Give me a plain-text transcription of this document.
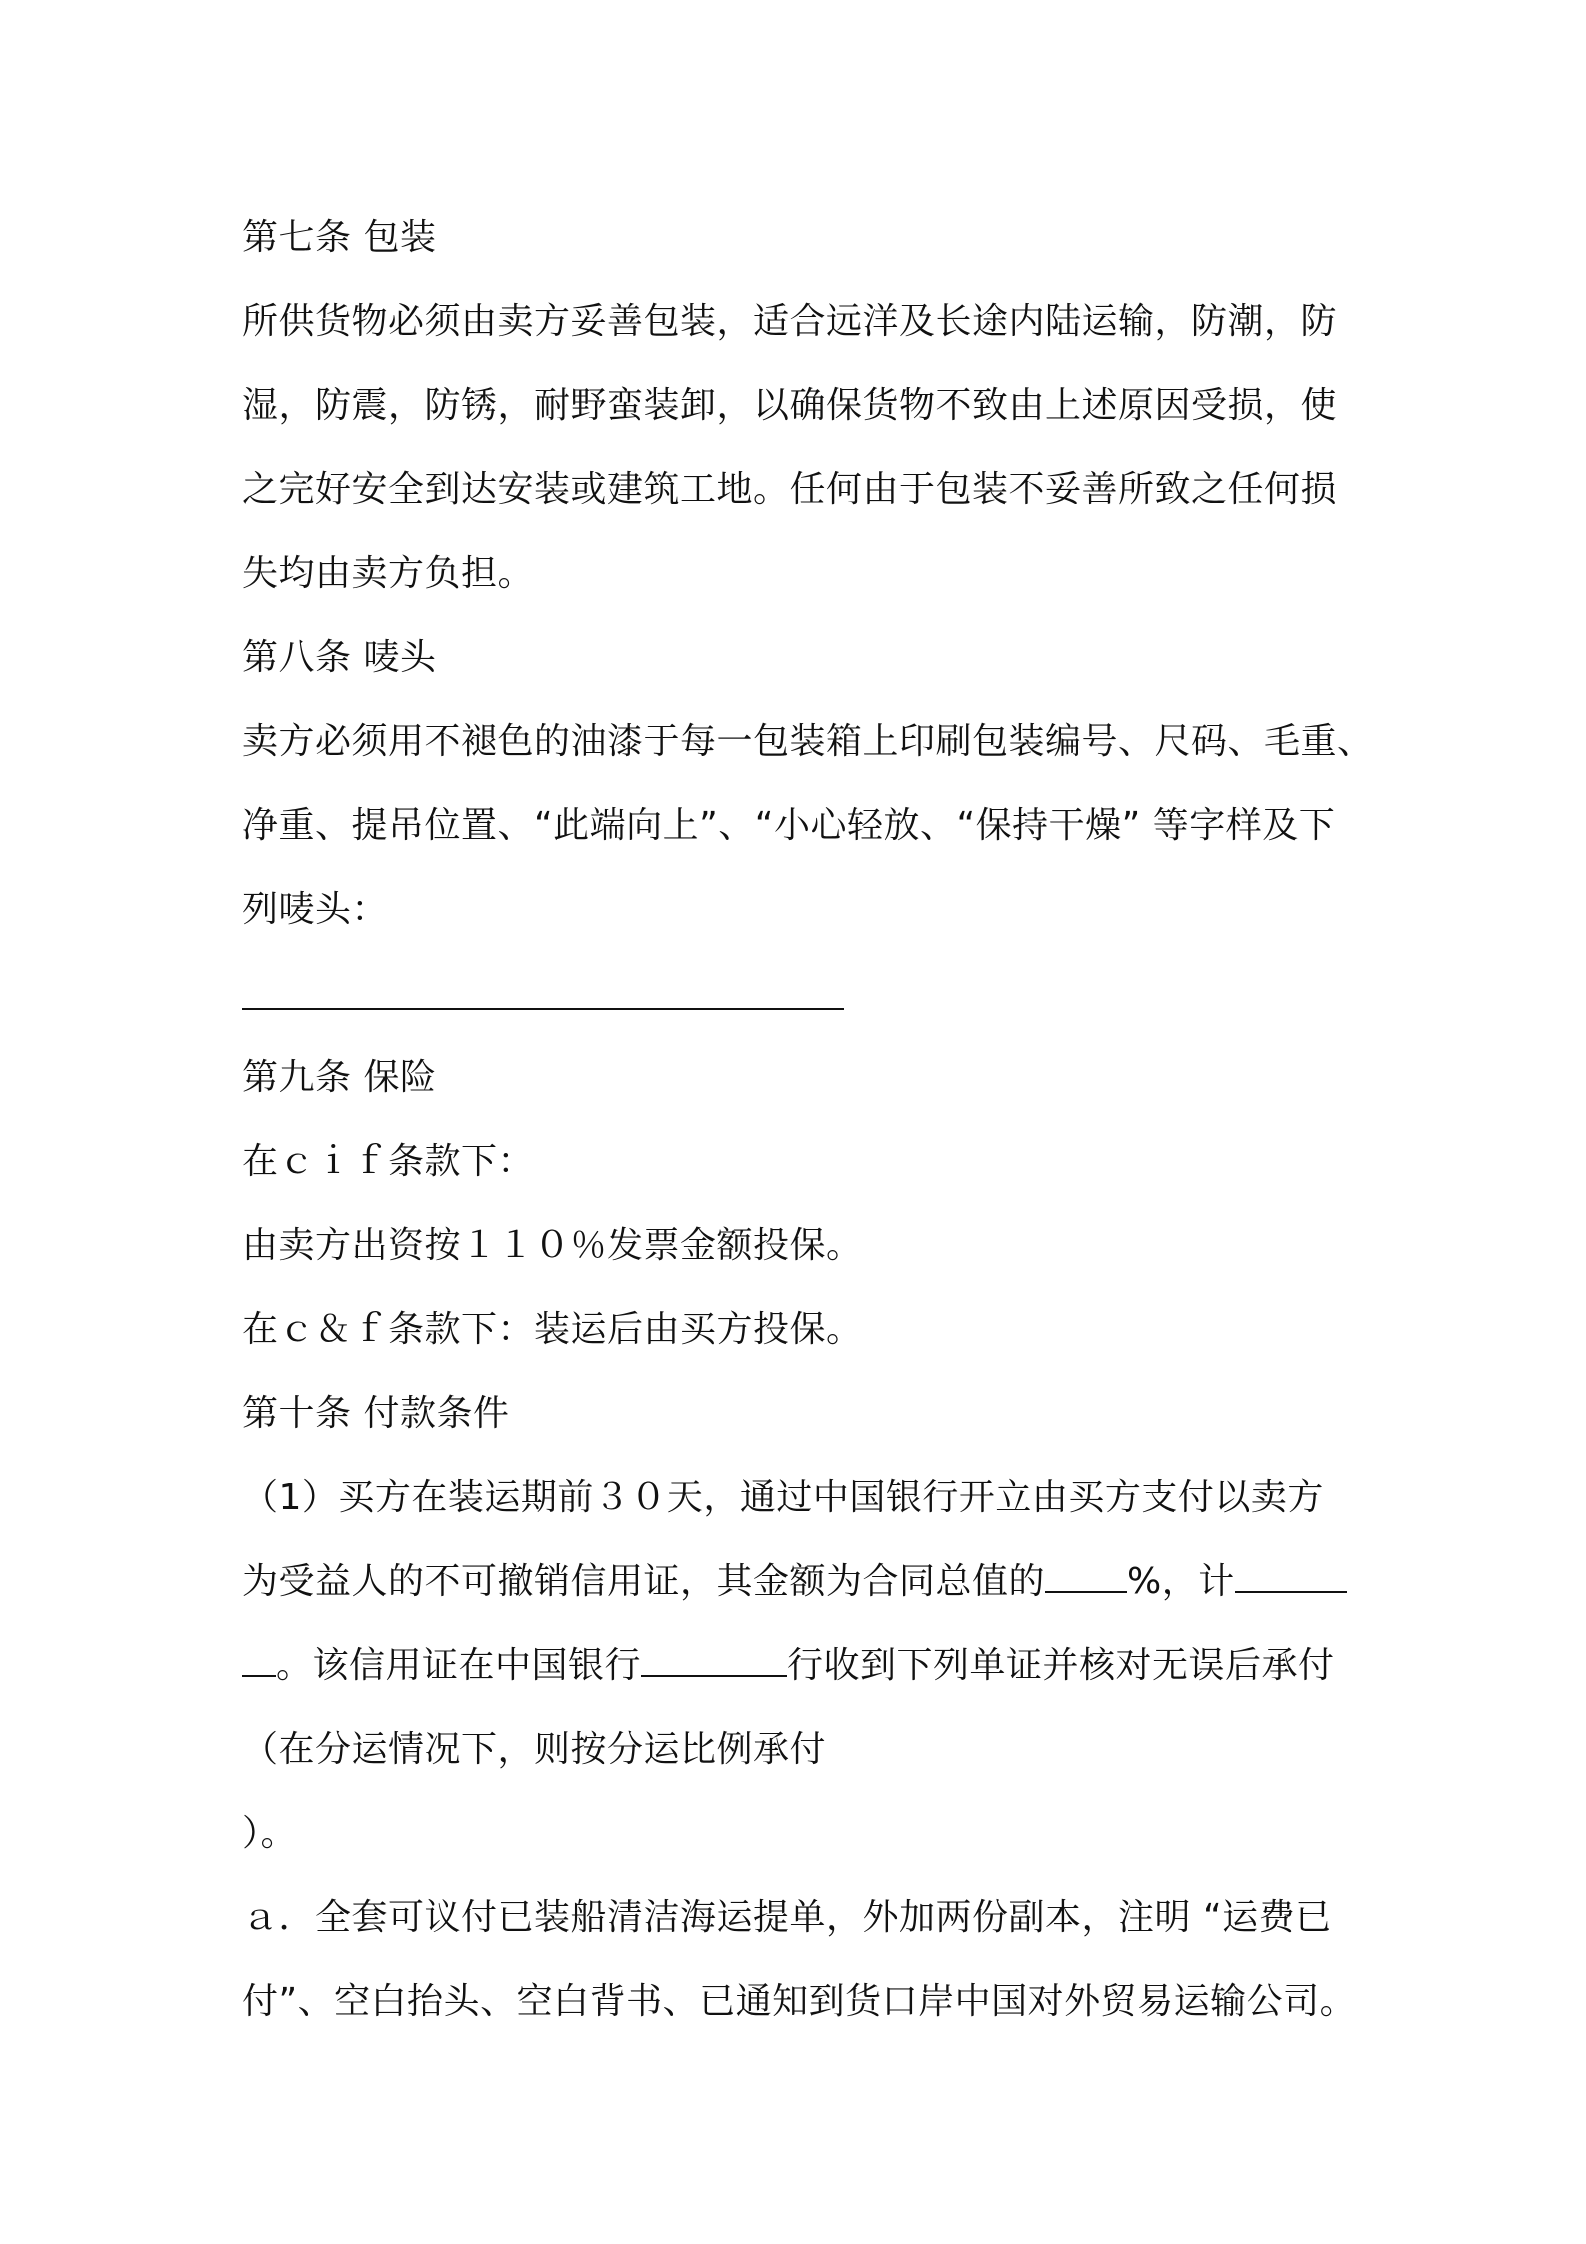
第七条 包装
所供货物必须由卖方妥善包装，适合远洋及长途内陆运输，防潮，防
湿，防震，防锈，耐野蛮装卸，以确保货物不致由上述原因受损，使
之完好安全到达安装或建筑工地。任何由于包装不妥善所致之任何损
失均由卖方负担。
第八条 唛头
卖方必须用不褪色的油漆于每一包装箱上印刷包装编号、尺码、毛重、
净重、提吊位置、“此端向上”、“小心轻放、“保持干燥” 等字样及下
列唛头：
第九条 保险
在ｃｉｆ条款下：
由卖方出资按１１０％发票金额投保。
在ｃ＆ｆ条款下：装运后由买方投保。
第十条 付款条件
（1）买方在装运期前３０天，通过中国银行开立由买方支付以卖方
为受益人的不可撤销信用证，其金额为合同总值的 %，计
。该信用证在中国银行	行收到下列单证并核对无误后承付
（在分运情况下，则按分运比例承付
）。
ａ．全套可议付已装船清洁海运提单，外加两份副本，注明 “运费已
付”、空白抬头、空白背书、已通知到货口岸中国对外贸易运输公司。
